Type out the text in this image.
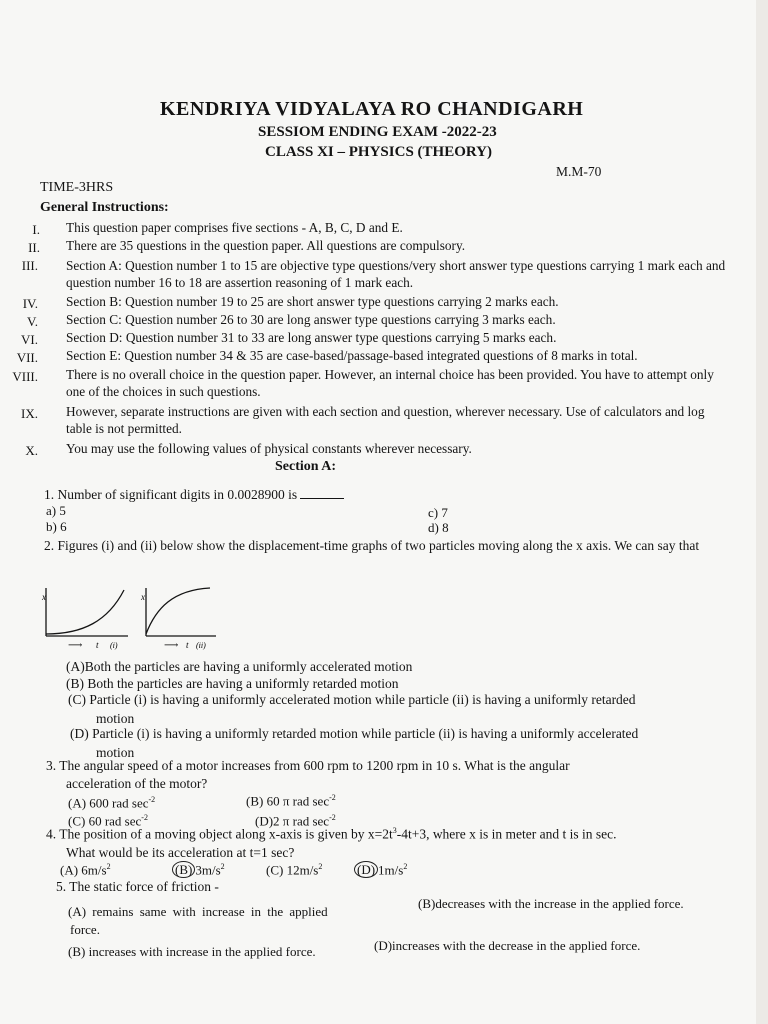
KENDRIYA VIDYALAYA RO CHANDIGARH
SESSIOM ENDING EXAM -2022-23
CLASS XI – PHYSICS (THEORY)
M.M-70
TIME-3HRS
General Instructions:
I. This question paper comprises five sections - A, B, C, D and E.
II. There are 35 questions in the question paper. All questions are compulsory.
III. Section A: Question number 1 to 15 are objective type questions/very short answer type questions carrying 1 mark each and question number 16 to 18 are assertion reasoning of 1 mark each.
IV. Section B: Question number 19 to 25 are short answer type questions carrying 2 marks each.
V. Section C: Question number 26 to 30 are long answer type questions carrying 3 marks each.
VI. Section D: Question number 31 to 33 are long answer type questions carrying 5 marks each.
VII. Section E: Question number 34 & 35 are case-based/passage-based integrated questions of 8 marks in total.
VIII. There is no overall choice in the question paper. However, an internal choice has been provided. You have to attempt only one of the choices in such questions.
IX. However, separate instructions are given with each section and question, wherever necessary. Use of calculators and log table is not permitted.
X. You may use the following values of physical constants wherever necessary.
Section A:
1. Number of significant digits in 0.0028900 is
a) 5
b) 6
c) 7
d) 8
2. Figures (i) and (ii) below show the displacement-time graphs of two particles moving along the x axis. We can say that
x
⟶ t (i)
x
⟶ t (ii)
(A)Both the particles are having a uniformly accelerated motion
(B) Both the particles are having a uniformly retarded motion
(C) Particle (i) is having a uniformly accelerated motion while particle (ii) is having a uniformly retarded
motion
(D) Particle (i) is having a uniformly retarded motion while particle (ii) is having a uniformly accelerated
motion
3. The angular speed of a motor increases from 600 rpm to 1200 rpm in 10 s. What is the angular
acceleration of the motor?
(A) 600 rad $\sec^{-2}$	(B) 60 π rad $\sec^{-2}$
(C) 60 rad $\sec^{-2}$	(D)2 π rad $\sec^{-2}$
4. The position of a moving object along x-axis is given by $x=2t^3-4t+3$, where x is in meter and t is in sec.
What would be its acceleration at t=1 sec?
(A) $6m/s^2$	(B) $3m/s^2$	(C) $12m/s^2$	(D) $1m/s^2$
5. The static force of friction -
(A) remains same with increase in the applied
force.
(B)decreases with the increase in the applied force.
(B) increases with increase in the applied force.	(D)increases with the decrease in the applied force.
